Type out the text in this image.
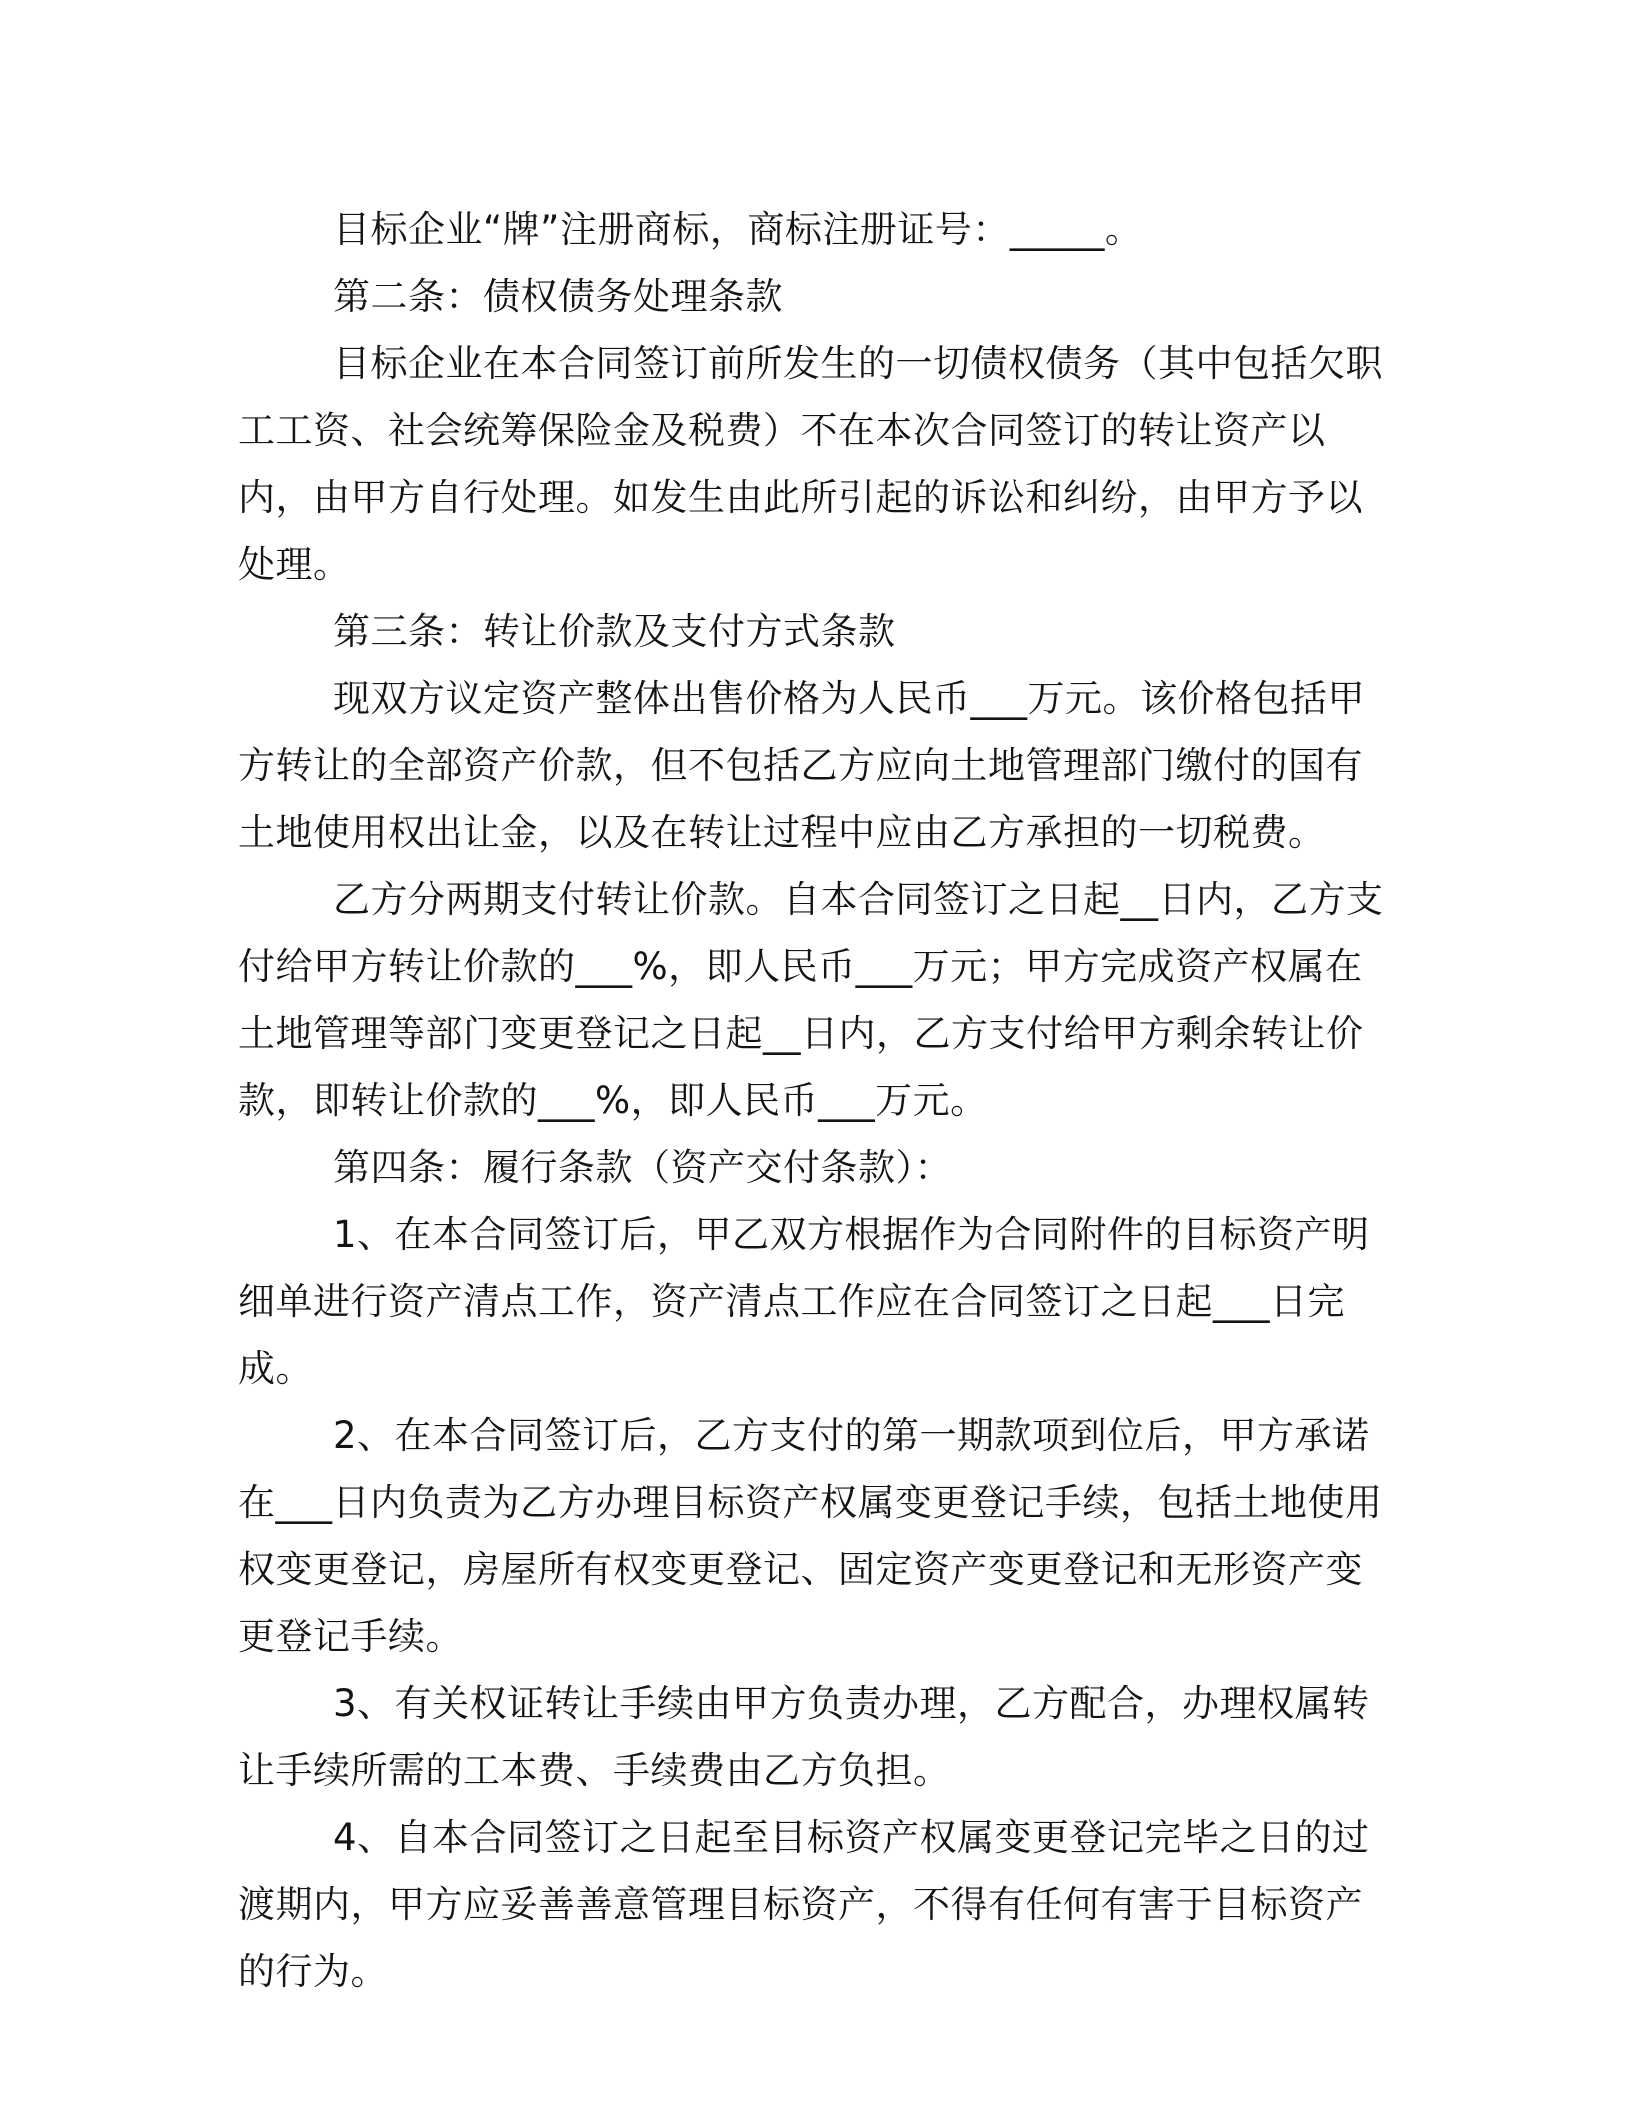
目标企业“牌”注册商标，商标注册证号：_____。

第二条：债权债务处理条款

目标企业在本合同签订前所发生的一切债权债务（其中包括欠职工工资、社会统筹保险金及税费）不在本次合同签订的转让资产以内，由甲方自行处理。如发生由此所引起的诉讼和纠纷，由甲方予以处理。

第三条：转让价款及支付方式条款

现双方议定资产整体出售价格为人民币___万元。该价格包括甲方转让的全部资产价款，但不包括乙方应向土地管理部门缴付的国有土地使用权出让金，以及在转让过程中应由乙方承担的一切税费。

乙方分两期支付转让价款。自本合同签订之日起__日内，乙方支付给甲方转让价款的___%，即人民币___万元；甲方完成资产权属在土地管理等部门变更登记之日起__日内，乙方支付给甲方剩余转让价款，即转让价款的___%，即人民币___万元。

第四条：履行条款（资产交付条款）：

1、在本合同签订后，甲乙双方根据作为合同附件的目标资产明细单进行资产清点工作，资产清点工作应在合同签订之日起___日完成。

2、在本合同签订后，乙方支付的第一期款项到位后，甲方承诺在___日内负责为乙方办理目标资产权属变更登记手续，包括土地使用权变更登记，房屋所有权变更登记、固定资产变更登记和无形资产变更登记手续。

3、有关权证转让手续由甲方负责办理，乙方配合，办理权属转让手续所需的工本费、手续费由乙方负担。

4、自本合同签订之日起至目标资产权属变更登记完毕之日的过渡期内，甲方应妥善善意管理目标资产，不得有任何有害于目标资产的行为。
